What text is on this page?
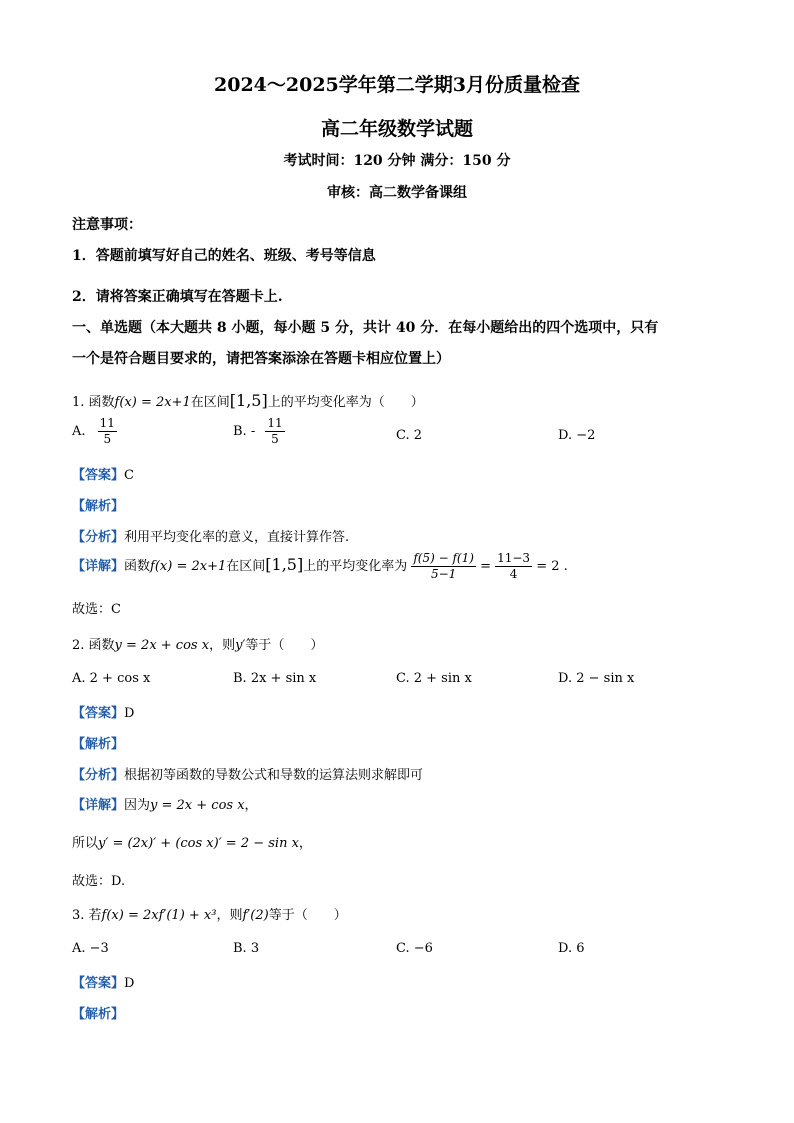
2024～2025学年第二学期3月份质量检查
高二年级数学试题
考试时间：120 分钟 满分：150 分
审核：高二数学备课组
注意事项：
1．答题前填写好自己的姓名、班级、考号等信息
2．请将答案正确填写在答题卡上.
一、单选题（本大题共 8 小题，每小题 5 分，共计 40 分．在每小题给出的四个选项中，只有
一个是符合题目要求的，请把答案添涂在答题卡相应位置上）
1. 函数f(x) = 2x+1在区间[1,5]上的平均变化率为（　　）
A. $\frac{11}{5}$	B. - $\frac{11}{5}$	C. 2	D. −2
【答案】C
【解析】
【分析】利用平均变化率的意义，直接计算作答.
【详解】函数f(x) = 2x+1在区间[1,5]上的平均变化率为 $\frac{f(5) - f(1)}{5-1} = \frac{11-3}{4} = 2$ .
故选：C
2. 函数y = 2x + cos x，则y′等于（　　）
A. 2 + cos x	B. 2x + sin x	C. 2 + sin x	D. 2 − sin x
【答案】D
【解析】
【分析】根据初等函数的导数公式和导数的运算法则求解即可
【详解】因为y = 2x + cos x，
所以y′ = (2x)′ + (cos x)′ = 2 − sin x，
故选：D.
3. 若f(x) = 2xf′(1) + x³，则f′(2)等于（　　）
A. −3	B. 3	C. −6	D. 6
【答案】D
【解析】
